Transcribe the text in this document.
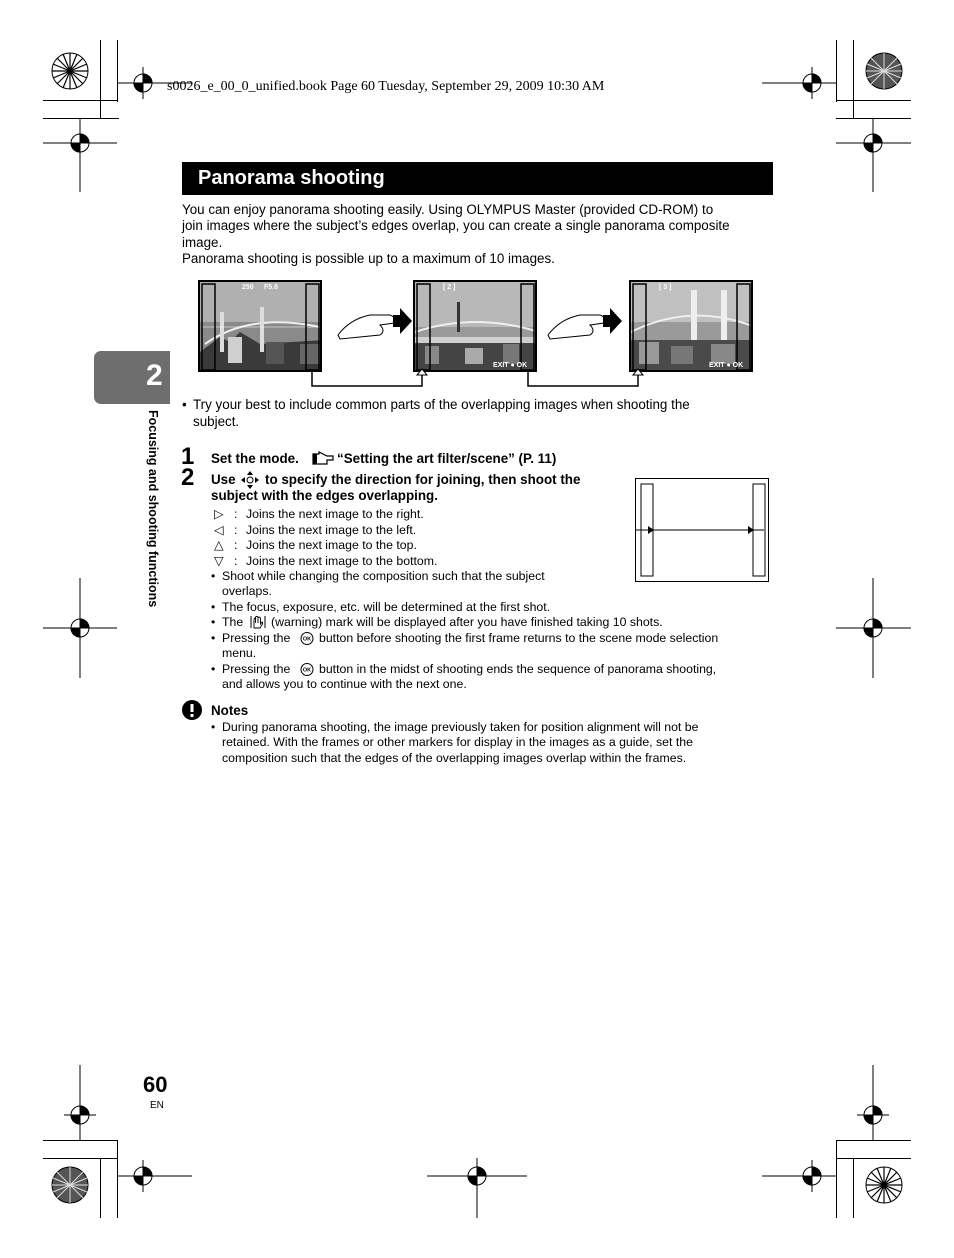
s0026_e_00_0_unified.book Page 60 Tuesday, September 29, 2009 10:30 AM
Panorama shooting
You can enjoy panorama shooting easily. Using OLYMPUS Master (provided CD-ROM) to
join images where the subject’s edges overlap, you can create a single panorama composite
image.
Panorama shooting is possible up to a maximum of 10 images.
2
Focusing and shooting functions
250 F5.6	[ 2 ]
EXIT ● OK
[ 3 ]
EXIT ● OK
• Try your best to include common parts of the overlapping images when shooting the
subject.
1 Set the mode.	“Setting the art filter/scene” (P. 11)
2 Use to specify the direction for joining, then shoot the
subject with the edges overlapping.
▷ : Joins the next image to the right.
◁ : Joins the next image to the left.
△ : Joins the next image to the top.
▽ : Joins the next image to the bottom.
• Shoot while changing the composition such that the subject
overlaps.
• The focus, exposure, etc. will be determined at the first shot.
• The (warning) mark will be displayed after you have finished taking 10 shots.
• Pressing the OK button before shooting the first frame returns to the scene mode selection
menu.
• Pressing the OK button in the midst of shooting ends the sequence of panorama shooting,
and allows you to continue with the next one.
Notes
• During panorama shooting, the image previously taken for position alignment will not be
retained. With the frames or other markers for display in the images as a guide, set the
composition such that the edges of the overlapping images overlap within the frames.
60
EN
